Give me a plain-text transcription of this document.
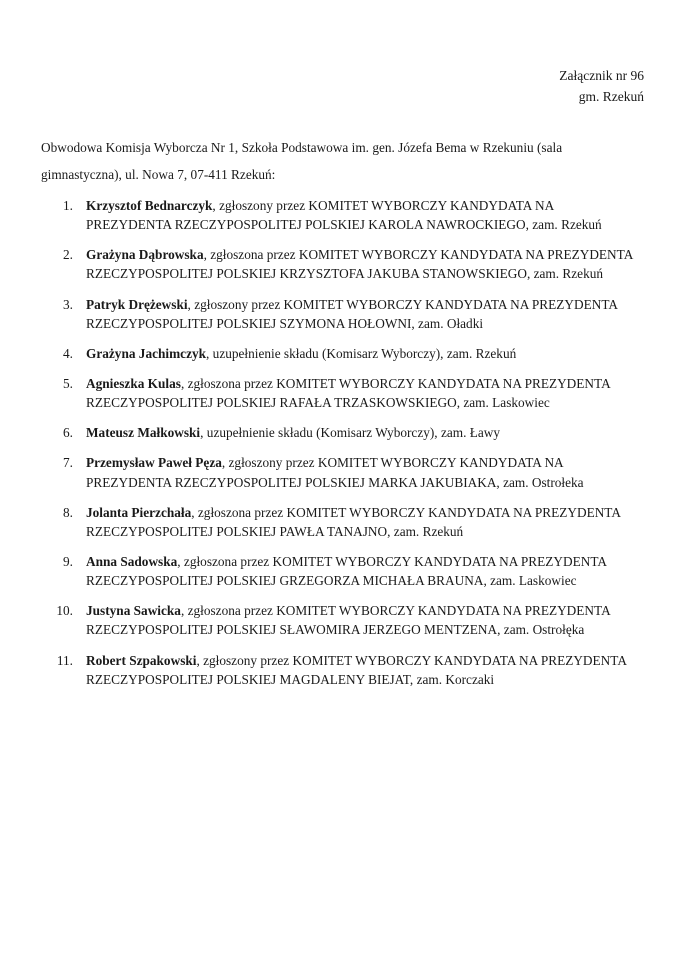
Załącznik nr 96
gm. Rzekuń

Obwodowa Komisja Wyborcza Nr 1, Szkoła Podstawowa im. gen. Józefa Bema w Rzekuniu (sala gimnastyczna), ul. Nowa 7, 07-411 Rzekuń:

1. Krzysztof Bednarczyk, zgłoszony przez KOMITET WYBORCZY KANDYDATA NA PREZYDENTA RZECZYPOSPOLITEJ POLSKIEJ KAROLA NAWROCKIEGO, zam. Rzekuń
2. Grażyna Dąbrowska, zgłoszona przez KOMITET WYBORCZY KANDYDATA NA PREZYDENTA RZECZYPOSPOLITEJ POLSKIEJ KRZYSZTOFA JAKUBA STANOWSKIEGO, zam. Rzekuń
3. Patryk Drężewski, zgłoszony przez KOMITET WYBORCZY KANDYDATA NA PREZYDENTA RZECZYPOSPOLITEJ POLSKIEJ SZYMONA HOŁOWNI, zam. Oładki
4. Grażyna Jachimczyk, uzupełnienie składu (Komisarz Wyborczy), zam. Rzekuń
5. Agnieszka Kulas, zgłoszona przez KOMITET WYBORCZY KANDYDATA NA PREZYDENTA RZECZYPOSPOLITEJ POLSKIEJ RAFAŁA TRZASKOWSKIEGO, zam. Laskowiec
6. Mateusz Małkowski, uzupełnienie składu (Komisarz Wyborczy), zam. Ławy
7. Przemysław Paweł Pęza, zgłoszony przez KOMITET WYBORCZY KANDYDATA NA PREZYDENTA RZECZYPOSPOLITEJ POLSKIEJ MARKA JAKUBIAKA, zam. Ostrołeka
8. Jolanta Pierzchała, zgłoszona przez KOMITET WYBORCZY KANDYDATA NA PREZYDENTA RZECZYPOSPOLITEJ POLSKIEJ PAWŁA TANAJNO, zam. Rzekuń
9. Anna Sadowska, zgłoszona przez KOMITET WYBORCZY KANDYDATA NA PREZYDENTA RZECZYPOSPOLITEJ POLSKIEJ GRZEGORZA MICHAŁA BRAUNA, zam. Laskowiec
10. Justyna Sawicka, zgłoszona przez KOMITET WYBORCZY KANDYDATA NA PREZYDENTA RZECZYPOSPOLITEJ POLSKIEJ SŁAWOMIRA JERZEGO MENTZENA, zam. Ostrołęka
11. Robert Szpakowski, zgłoszony przez KOMITET WYBORCZY KANDYDATA NA PREZYDENTA RZECZYPOSPOLITEJ POLSKIEJ MAGDALENY BIEJAT, zam. Korczaki
